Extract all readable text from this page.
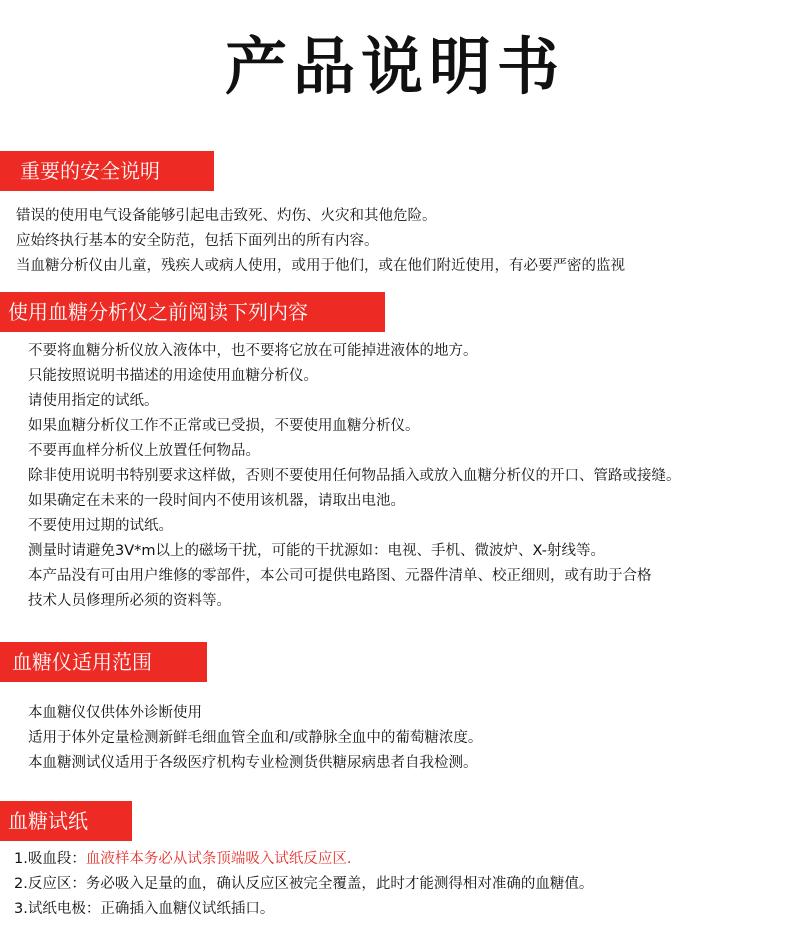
产品说明书
重要的安全说明
错误的使用电气设备能够引起电击致死、灼伤、火灾和其他危险。
应始终执行基本的安全防范，包括下面列出的所有内容。
当血糖分析仪由儿童，残疾人或病人使用，或用于他们，或在他们附近使用，有必要严密的监视
使用血糖分析仪之前阅读下列内容
不要将血糖分析仪放入液体中，也不要将它放在可能掉进液体的地方。
只能按照说明书描述的用途使用血糖分析仪。
请使用指定的试纸。
如果血糖分析仪工作不正常或已受损，不要使用血糖分析仪。
不要再血样分析仪上放置任何物品。
除非使用说明书特别要求这样做，否则不要使用任何物品插入或放入血糖分析仪的开口、管路或接缝。
如果确定在未来的一段时间内不使用该机器，请取出电池。
不要使用过期的试纸。
测量时请避免3V*m以上的磁场干扰，可能的干扰源如：电视、手机、微波炉、X-射线等。
本产品没有可由用户维修的零部件，本公司可提供电路图、元器件清单、校正细则，或有助于合格
技术人员修理所必须的资料等。
血糖仪适用范围
本血糖仪仅供体外诊断使用
适用于体外定量检测新鲜毛细血管全血和/或静脉全血中的葡萄糖浓度。
本血糖测试仪适用于各级医疗机构专业检测货供糖尿病患者自我检测。
血糖试纸
1.吸血段：血液样本务必从试条顶端吸入试纸反应区.
2.反应区：务必吸入足量的血，确认反应区被完全覆盖，此时才能测得相对准确的血糖值。
3.试纸电极：正确插入血糖仪试纸插口。
